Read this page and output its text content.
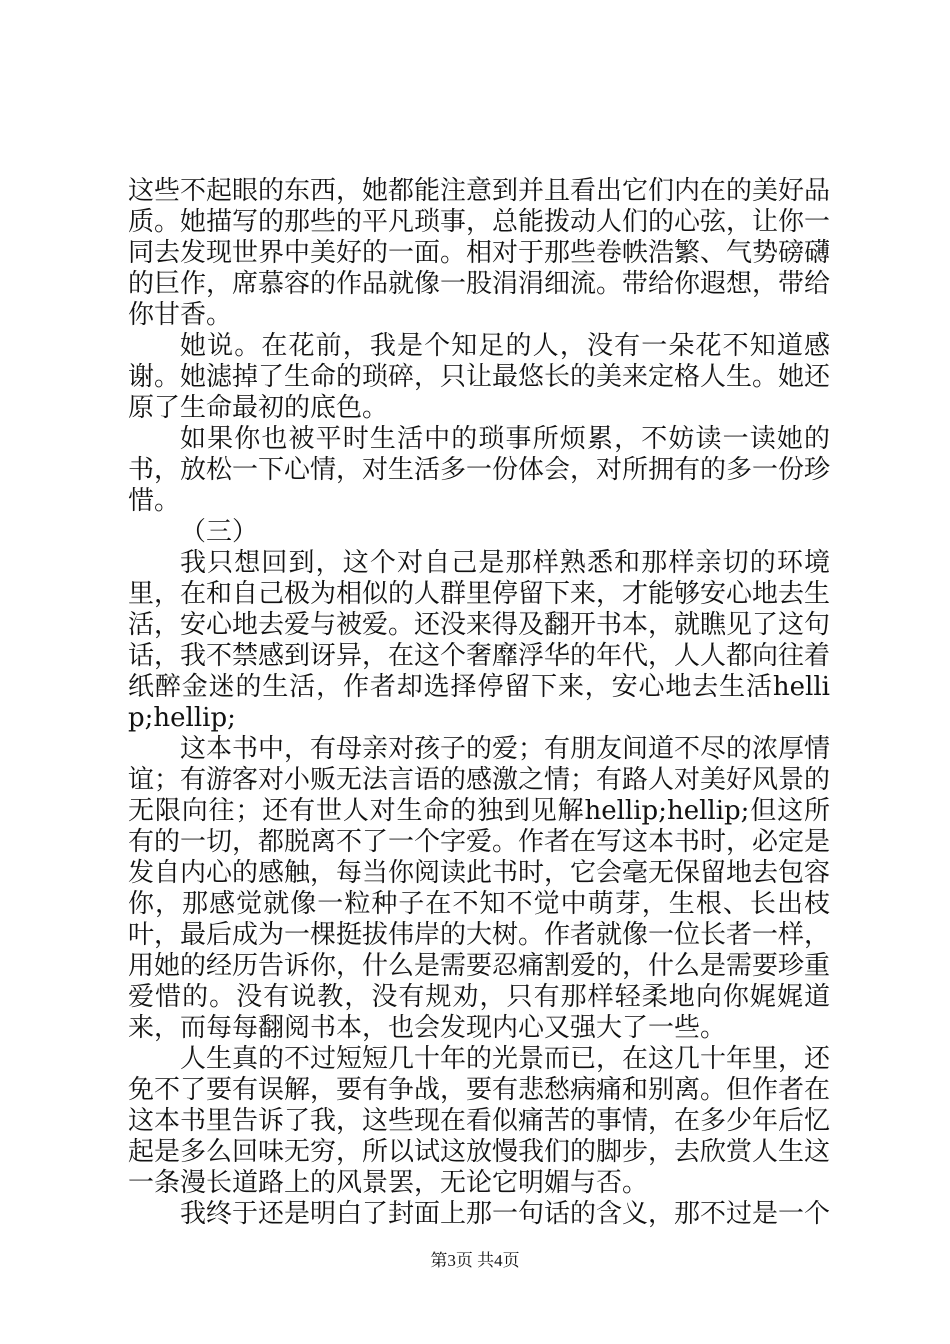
这些不起眼的东西，她都能注意到并且看出它们内在的美好品质。她描写的那些的平凡琐事，总能拨动人们的心弦，让你一同去发现世界中美好的一面。相对于那些卷帙浩繁、气势磅礴的巨作，席慕容的作品就像一股涓涓细流。带给你遐想，带给你甘香。

她说。在花前，我是个知足的人，没有一朵花不知道感谢。她滤掉了生命的琐碎，只让最悠长的美来定格人生。她还原了生命最初的底色。

如果你也被平时生活中的琐事所烦累，不妨读一读她的书，放松一下心情，对生活多一份体会，对所拥有的多一份珍惜。

（三）

我只想回到，这个对自己是那样熟悉和那样亲切的环境里，在和自己极为相似的人群里停留下来，才能够安心地去生活，安心地去爱与被爱。还没来得及翻开书本，就瞧见了这句话，我不禁感到讶异，在这个奢靡浮华的年代，人人都向往着纸醉金迷的生活，作者却选择停留下来，安心地去生活hellip;hellip;

这本书中，有母亲对孩子的爱；有朋友间道不尽的浓厚情谊；有游客对小贩无法言语的感激之情；有路人对美好风景的无限向往；还有世人对生命的独到见解hellip;hellip;但这所有的一切，都脱离不了一个字爱。作者在写这本书时，必定是发自内心的感触，每当你阅读此书时，它会毫无保留地去包容你，那感觉就像一粒种子在不知不觉中萌芽，生根、长出枝叶，最后成为一棵挺拔伟岸的大树。作者就像一位长者一样，用她的经历告诉你，什么是需要忍痛割爱的，什么是需要珍重爱惜的。没有说教，没有规劝，只有那样轻柔地向你娓娓道来，而每每翻阅书本，也会发现内心又强大了一些。

人生真的不过短短几十年的光景而已，在这几十年里，还免不了要有误解，要有争战，要有悲愁病痛和别离。但作者在这本书里告诉了我，这些现在看似痛苦的事情，在多少年后忆起是多么回味无穷，所以试这放慢我们的脚步，去欣赏人生这一条漫长道路上的风景罢，无论它明媚与否。

我终于还是明白了封面上那一句话的含义，那不过是一个

第3页 共4页
